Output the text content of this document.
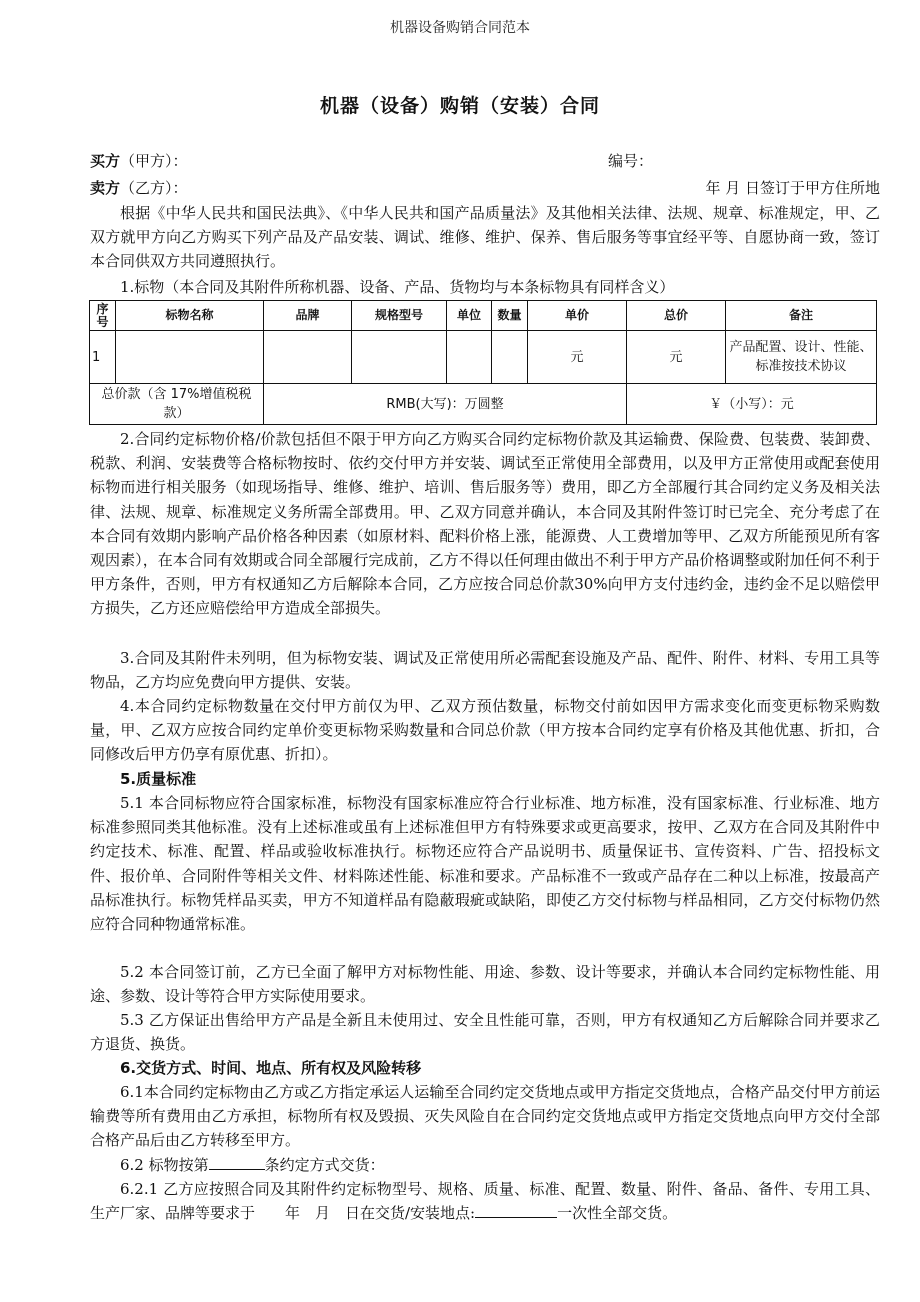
机器设备购销合同范本
机器（设备）购销（安装）合同
买方（甲方）：	编号：
卖方（乙方）：	年 月 日签订于甲方住所地

根据《中华人民共和国民法典》、《中华人民共和国产品质量法》及其他相关法律、法规、规章、标准规定，甲、乙双方就甲方向乙方购买下列产品及产品安装、调试、维修、维护、保养、售后服务等事宜经平等、自愿协商一致，签订本合同供双方共同遵照执行。

1.标物（本合同及其附件所称机器、设备、产品、货物均与本条标物具有同样含义）

序号	标物名称	品牌	规格型号	单位	数量	单价	总价	备注
1						元	元	产品配置、设计、性能、标准按技术协议
总价款（含 17%增值税税款）		RMB(大写)：万圆整					￥（小写）：元	

2.合同约定标物价格/价款包括但不限于甲方向乙方购买合同约定标物价款及其运输费、保险费、包装费、装卸费、税款、利润、安装费等合格标物按时、依约交付甲方并安装、调试至正常使用全部费用，以及甲方正常使用或配套使用标物而进行相关服务（如现场指导、维修、维护、培训、售后服务等）费用，即乙方全部履行其合同约定义务及相关法律、法规、规章、标准规定义务所需全部费用。甲、乙双方同意并确认，本合同及其附件签订时已完全、充分考虑了在本合同有效期内影响产品价格各种因素（如原材料、配料价格上涨，能源费、人工费增加等甲、乙双方所能预见所有客观因素），在本合同有效期或合同全部履行完成前，乙方不得以任何理由做出不利于甲方产品价格调整或附加任何不利于甲方条件，否则，甲方有权通知乙方后解除本合同，乙方应按合同总价款30%向甲方支付违约金，违约金不足以赔偿甲方损失，乙方还应赔偿给甲方造成全部损失。

3.合同及其附件未列明，但为标物安装、调试及正常使用所必需配套设施及产品、配件、附件、材料、专用工具等物品，乙方均应免费向甲方提供、安装。

4.本合同约定标物数量在交付甲方前仅为甲、乙双方预估数量，标物交付前如因甲方需求变化而变更标物采购数量，甲、乙双方应按合同约定单价变更标物采购数量和合同总价款（甲方按本合同约定享有价格及其他优惠、折扣，合同修改后甲方仍享有原优惠、折扣）。

5.质量标准

5.1 本合同标物应符合国家标准，标物没有国家标准应符合行业标准、地方标准，没有国家标准、行业标准、地方标准参照同类其他标准。没有上述标准或虽有上述标准但甲方有特殊要求或更高要求，按甲、乙双方在合同及其附件中约定技术、标准、配置、样品或验收标准执行。标物还应符合产品说明书、质量保证书、宣传资料、广告、招投标文件、报价单、合同附件等相关文件、材料陈述性能、标准和要求。产品标准不一致或产品存在二种以上标准，按最高产品标准执行。标物凭样品买卖，甲方不知道样品有隐蔽瑕疵或缺陷，即使乙方交付标物与样品相同，乙方交付标物仍然应符合同种物通常标准。

5.2 本合同签订前，乙方已全面了解甲方对标物性能、用途、参数、设计等要求，并确认本合同约定标物性能、用途、参数、设计等符合甲方实际使用要求。

5.3 乙方保证出售给甲方产品是全新且未使用过、安全且性能可靠，否则，甲方有权通知乙方后解除合同并要求乙方退货、换货。

6.交货方式、时间、地点、所有权及风险转移

6.1本合同约定标物由乙方或乙方指定承运人运输至合同约定交货地点或甲方指定交货地点，合格产品交付甲方前运输费等所有费用由乙方承担，标物所有权及毁损、灭失风险自在合同约定交货地点或甲方指定交货地点向甲方交付全部合格产品后由乙方转移至甲方。

6.2 标物按第	条约定方式交货：

6.2.1 乙方应按照合同及其附件约定标物型号、规格、质量、标准、配置、数量、附件、备品、备件、专用工具、生产厂家、品牌等要求于　　年　月　日在交货/安装地点:	一次性全部交货。
